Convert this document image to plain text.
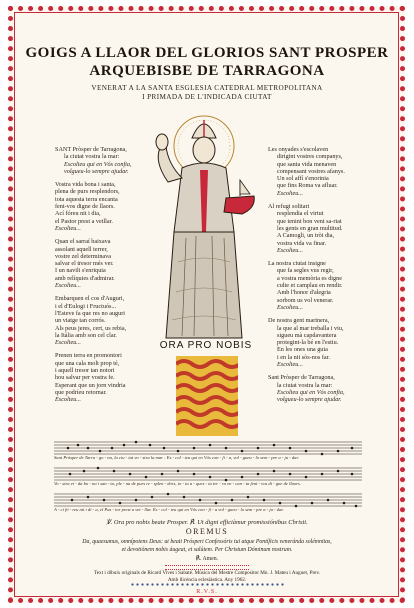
GOIGS A LLAOR DEL GLORIOS SANT PROSPER
ARQUEBISBE DE TARRAGONA
VENERAT A LA SANTA ESGLESIA CATEDRAL METROPOLITANA
I PRIMADA DE L'INDICADA CIUTAT

SANT Pròsper de Tarragona,
la ciutat vostra la mar:
Escolteu qui en Vós confia,
volgueu-lo sempre ajudar.

Vostra vida bona i santa,
plena de purs resplendors,
tota aquesta terra encanta
fent-vos digne de llaors.
Ací fóreu nit i dia,
el Pastor prest a vetllar.
Escolteu...

Quan el sarraí baixava
assolant aquell terrer,
vostre zel determinava
salvar el tresor més ver.
I un navili s'enriquia
amb relíquies d'admirar.
Escolteu...

Embarquen el cos d'Auguri,
i el d'Eulogi i Fructuós...
l'Esteve fa que res no auguri
un viatge tan corrós.
Als peus jeres, cert, us rebia,
la Itàlia amb son cel clar.
Escolteu...

Prenen terra en promontori
que una cala molt prop té,
i aquell tresor tan notori
hou salvar per vostra fe.
Esperant que un jorn vindria
que podríeu retornar.
Escolteu...

Les onyades s'escolaven
dirigint vostres companys,
que santa vida menaven
compensant vostres afanys.
Un sol affí s'enorinia
que fins Roma va afluar.
Escolteu...

Al refugi solitari
resplendia el virtut
que tenint bon vent sa-riat
les gents en gran multitud.
A Camogli, un tròt dia,
vostra vida va finar.
Escolteu...

La nostra ciutat insigne
que fa segles vus regir,
a vostra memòria es digne
culte et camplau en rendir.
Amb l'honor d'alegria
sorbom us vol venerar.
Escolteu...

De nostra gent marinera,
la que al mar treballa i viu,
sigueu mà capdavantera
protegint-la bé en l'estiu.
En les ones una guia
i en la nit sòs-nos far.
Escolteu...

Sant Pròsper de Tarragona,
la ciutat vostra la mar:
Escolteu qui en Vós confia,
volgueu-lo sempre ajudar.

ORA PRO NOBIS
Sant Pròsper de Tarra - go - na, la ciu - tat vo - stra la mar : Es - col - teu qui en Vós con - fi - a, vol - gueu - lo sem - pre a - ju - dar.
Vo - stra vi - da bo - na i san - ta, ple - na de purs re - splen - dors, to - ta a - ques - ta ter - ra en - can - ta fent - vos di - gne de llaors.
A - cí fó - reu nit i di - a, el Pas - tor prest a vet - llar. Es - col - teu qui en Vós con - fi - a vol - gueu - lo sem - pre a - ju - dar.
℣. Ora pro nobis beate Prosper. ℟. Ut digni efficiàmur promissiónibus Christi.
OREMUS
Da, quaesumus, omnípotens Deus: ut beati Prósperi Confessóris tui atque Pontíficis veneránda solémnitas,
et devotiónem nobis áugeat, et salútem. Per Christum Dóminum nostrum.
℟. Amen.
Text i dibuix originals de Ricard Vives i Sabaté. Música del Mestre Compositor Mn. J. Mateu i Auguet, Prev.
Amb llicència eclesiàstica. Any 1962.
R.V.S.
